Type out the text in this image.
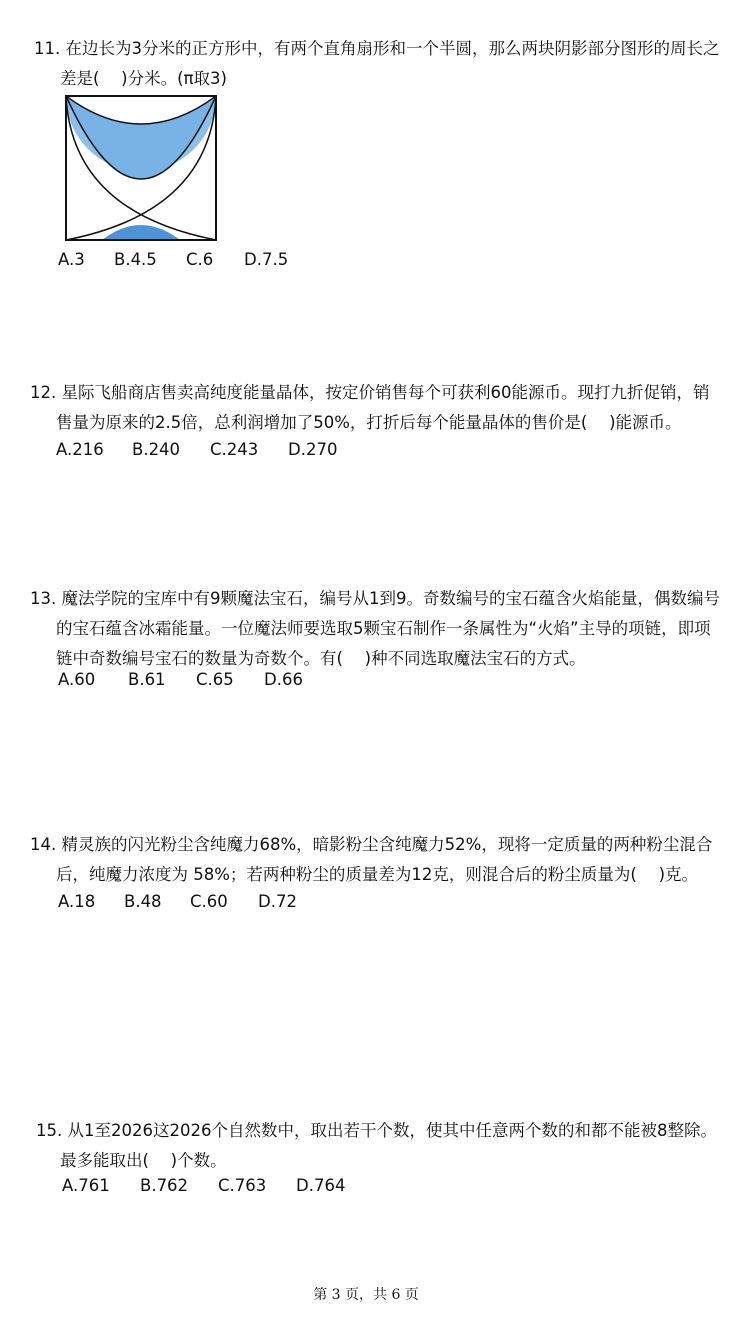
11. 在边长为3分米的正方形中，有两个直角扇形和一个半圆，那么两块阴影部分图形的周长之
差是(　 )分米。(π取3)
A.3 B.4.5 C.6 D.7.5
12. 星际飞船商店售卖高纯度能量晶体，按定价销售每个可获利60能源币。现打九折促销，销
售量为原来的2.5倍，总利润增加了50%，打折后每个能量晶体的售价是(　 )能源币。
A.216 B.240 C.243 D.270
13. 魔法学院的宝库中有9颗魔法宝石，编号从1到9。奇数编号的宝石蕴含火焰能量，偶数编号
的宝石蕴含冰霜能量。一位魔法师要选取5颗宝石制作一条属性为“火焰”主导的项链，即项
链中奇数编号宝石的数量为奇数个。有(　 )种不同选取魔法宝石的方式。
A.60 B.61 C.65 D.66
14. 精灵族的闪光粉尘含纯魔力68%，暗影粉尘含纯魔力52%，现将一定质量的两种粉尘混合
后，纯魔力浓度为 58%；若两种粉尘的质量差为12克，则混合后的粉尘质量为(　 )克。
A.18 B.48 C.60 D.72
15. 从1至2026这2026个自然数中，取出若干个数，使其中任意两个数的和都不能被8整除。
最多能取出(　 )个数。
A.761 B.762 C.763 D.764
第 3 页，共 6 页
